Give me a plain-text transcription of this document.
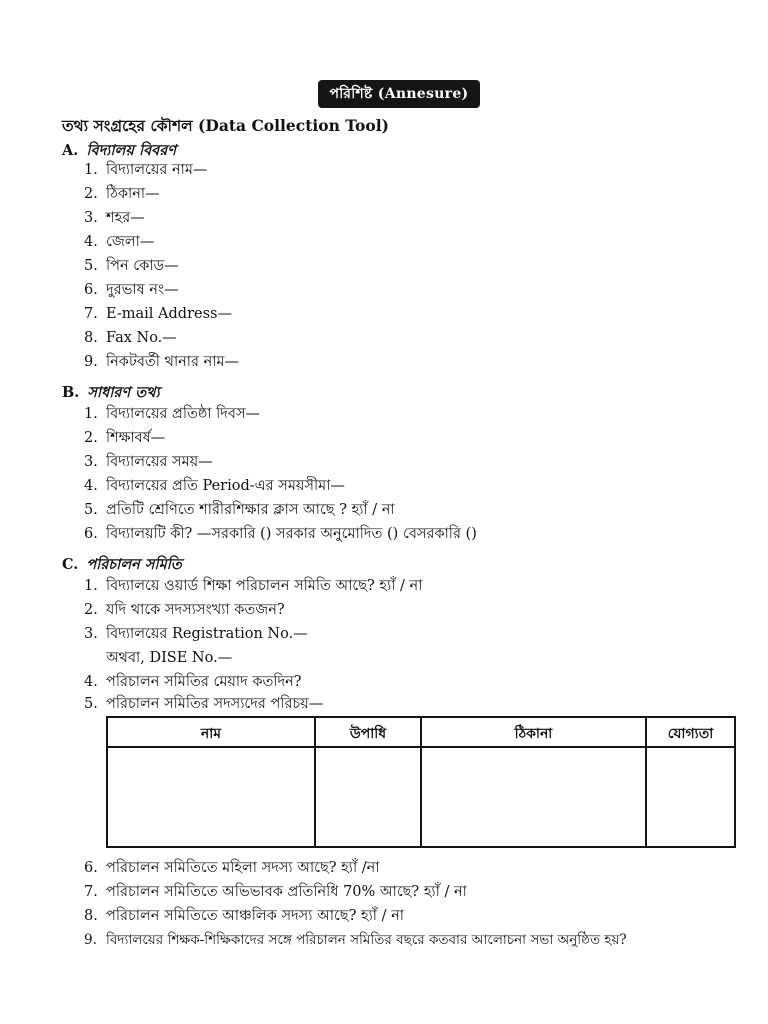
পরিশিষ্ট (Annesure)
তথ্য সংগ্রহের কৌশল (Data Collection Tool)
A. বিদ্যালয় বিবরণ
1. বিদ্যালয়ের নাম—
2. ঠিকানা—
3. শহর—
4. জেলা—
5. পিন কোড—
6. দুরভাষ নং—
7. E-mail Address—
8. Fax No.—
9. নিকটবর্তী থানার নাম—
B. সাধারণ তথ্য
1. বিদ্যালয়ের প্রতিষ্ঠা দিবস—
2. শিক্ষাবর্ষ—
3. বিদ্যালয়ের সময়—
4. বিদ্যালয়ের প্রতি Period-এর সময়সীমা—
5. প্রতিটি শ্রেণিতে শারীরশিক্ষার ক্লাস আছে ? হ্যাঁ / না
6. বিদ্যালয়টি কী? —সরকারি () সরকার অনুমোদিত () বেসরকারি ()
C. পরিচালন সমিতি
1. বিদ্যালয়ে ওয়ার্ড শিক্ষা পরিচালন সমিতি আছে? হ্যাঁ / না
2. যদি থাকে সদস্যসংখ্যা কতজন?
3. বিদ্যালয়ের Registration No.—
অথবা, DISE No.—
4. পরিচালন সমিতির মেয়াদ কতদিন?
5. পরিচালন সমিতির সদস্যদের পরিচয়—
নাম	উপাধি	ঠিকানা	যোগ্যতা
6. পরিচালন সমিতিতে মহিলা সদস্য আছে? হ্যাঁ /না
7. পরিচালন সমিতিতে অভিভাবক প্রতিনিধি 70% আছে? হ্যাঁ / না
8. পরিচালন সমিতিতে আঞ্চলিক সদস্য আছে? হ্যাঁ / না
9. বিদ্যালয়ের শিক্ষক-শিক্ষিকাদের সঙ্গে পরিচালন সমিতির বছরে কতবার আলোচনা সভা অনুষ্ঠিত হয়?
